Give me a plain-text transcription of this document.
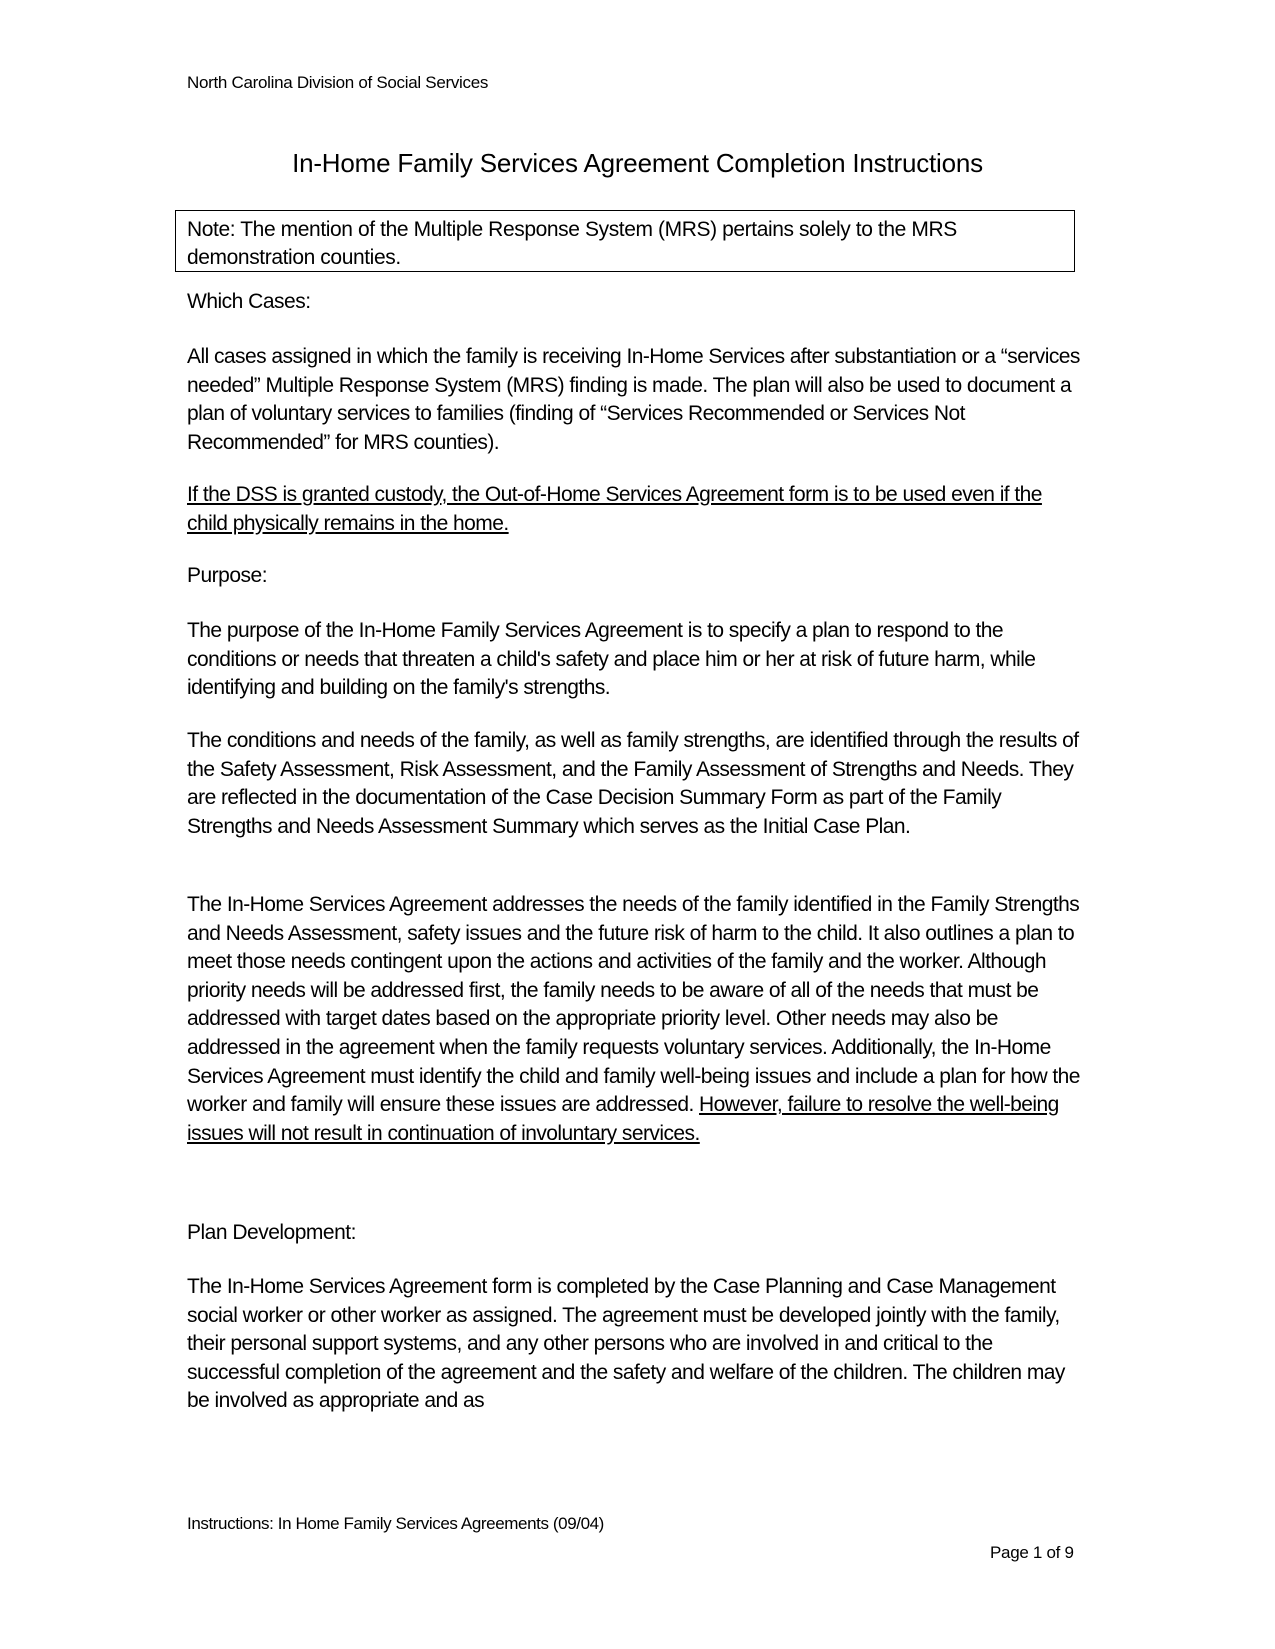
North Carolina Division of Social Services
In-Home Family Services Agreement Completion Instructions
Note: The mention of the Multiple Response System (MRS) pertains solely to the MRS demonstration counties.
Which Cases:
All cases assigned in which the family is receiving In-Home Services after substantiation or a “services needed” Multiple Response System (MRS) finding is made. The plan will also be used to document a plan of voluntary services to families (finding of “Services Recommended or Services Not Recommended” for MRS counties).
If the DSS is granted custody, the Out-of-Home Services Agreement form is to be used even if the child physically remains in the home.
Purpose:
The purpose of the In-Home Family Services Agreement is to specify a plan to respond to the conditions or needs that threaten a child's safety and place him or her at risk of future harm, while identifying and building on the family's strengths.
The conditions and needs of the family, as well as family strengths, are identified through the results of the Safety Assessment, Risk Assessment, and the Family Assessment of Strengths and Needs. They are reflected in the documentation of the Case Decision Summary Form as part of the Family Strengths and Needs Assessment Summary which serves as the Initial Case Plan.
The In-Home Services Agreement addresses the needs of the family identified in the Family Strengths and Needs Assessment, safety issues and the future risk of harm to the child. It also outlines a plan to meet those needs contingent upon the actions and activities of the family and the worker. Although priority needs will be addressed first, the family needs to be aware of all of the needs that must be addressed with target dates based on the appropriate priority level. Other needs may also be addressed in the agreement when the family requests voluntary services. Additionally, the In-Home Services Agreement must identify the child and family well-being issues and include a plan for how the worker and family will ensure these issues are addressed. However, failure to resolve the well-being issues will not result in continuation of involuntary services.
Plan Development:
The In-Home Services Agreement form is completed by the Case Planning and Case Management social worker or other worker as assigned. The agreement must be developed jointly with the family, their personal support systems, and any other persons who are involved in and critical to the successful completion of the agreement and the safety and welfare of the children. The children may be involved as appropriate and as
Instructions: In Home Family Services Agreements (09/04)
Page 1 of 9
